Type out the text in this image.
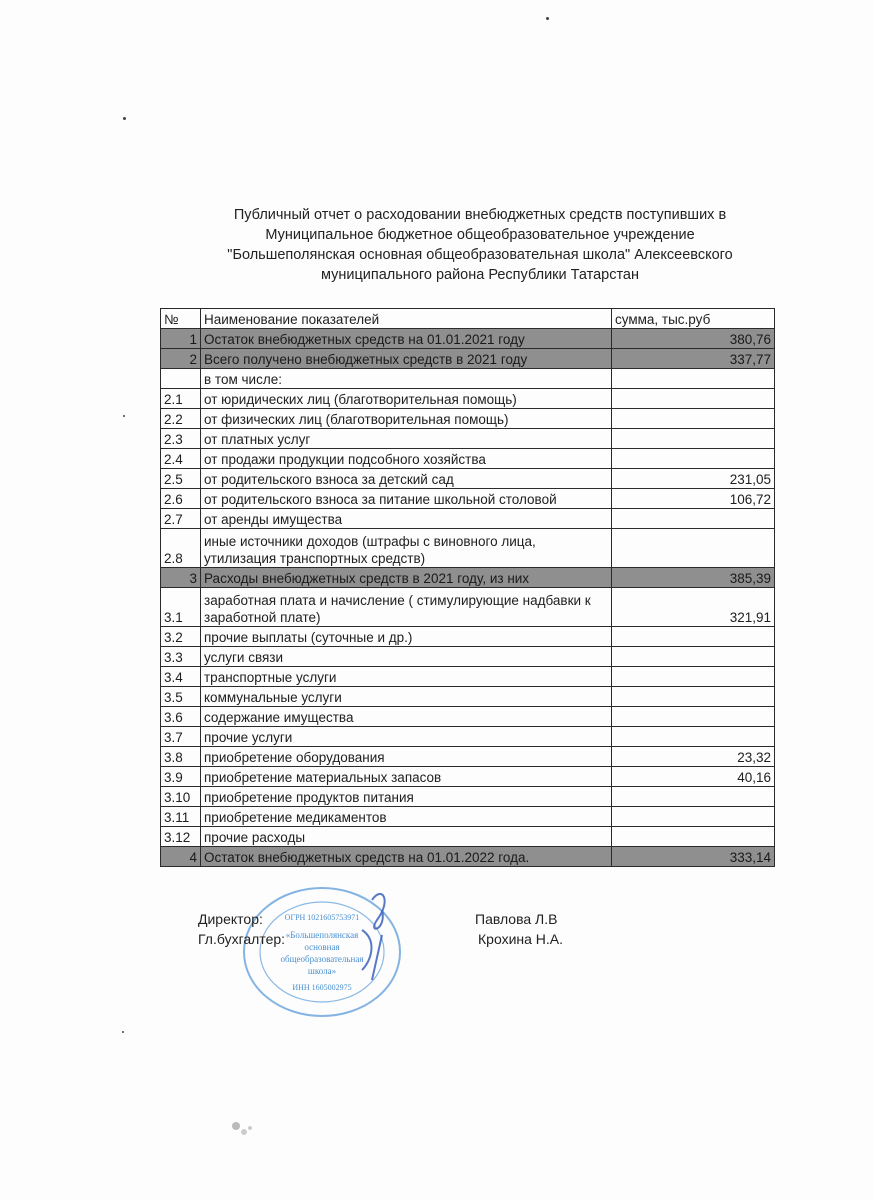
Публичный отчет о расходовании внебюджетных средств поступивших в
Муниципальное бюджетное общеобразовательное учреждение
"Большеполянская основная общеобразовательная школа" Алексеевского
муниципального района Республики Татарстан
№	Наименование показателей	сумма, тыс.руб
1	Остаток внебюджетных средств на 01.01.2021 году	380,76
2	Всего получено внебюджетных средств в 2021 году	337,77
	в том числе:	
2.1	от юридических лиц (благотворительная помощь)	
2.2	от физических лиц (благотворительная помощь)	
2.3	от платных услуг	
2.4	от продажи продукции подсобного хозяйства	
2.5	от родительского взноса за детский сад	231,05
2.6	от родительского взноса за питание школьной столовой	106,72
2.7	от аренды имущества	
2.8	иные источники доходов (штрафы с виновного лица, утилизация транспортных средств)	
3	Расходы внебюджетных средств в 2021 году, из них	385,39
3.1	заработная плата и начисление ( стимулирующие надбавки к заработной плате)	321,91
3.2	прочие выплаты (суточные и др.)	
3.3	услуги связи	
3.4	транспортные услуги	
3.5	коммунальные услуги	
3.6	содержание имущества	
3.7	прочие услуги	
3.8	приобретение оборудования	23,32
3.9	приобретение материальных запасов	40,16
3.10	приобретение продуктов питания	
3.11	приобретение медикаментов	
3.12	прочие расходы	
4	Остаток внебюджетных средств на 01.01.2022 года.	333,14
ОГРН 1021605753971
«Большеполянская
основная
общеобразовательная
школа»
ИНН 1605002975
Директор:
Гл.бухгалтер:
Павлова Л.В
Крохина Н.А.
